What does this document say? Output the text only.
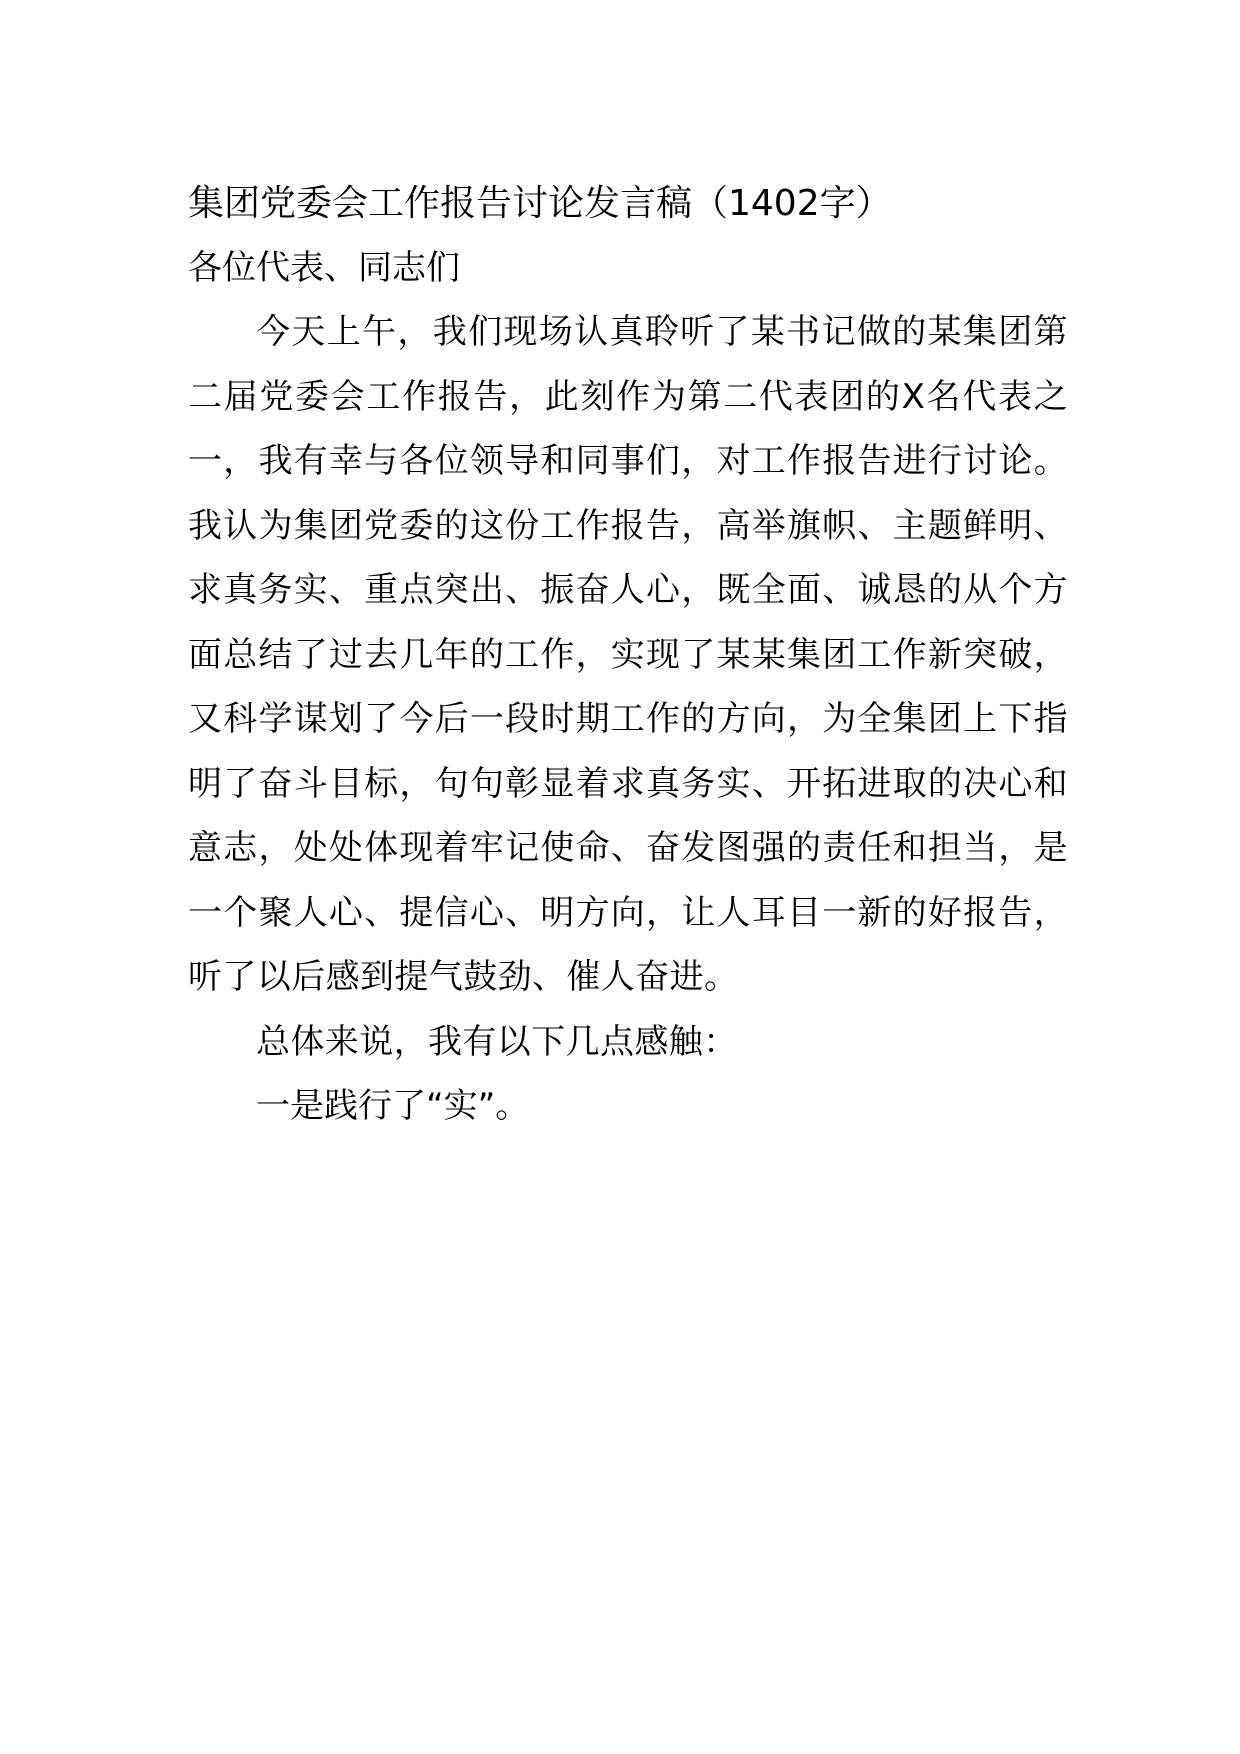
集团党委会工作报告讨论发言稿（1402字）

各位代表、同志们

今天上午，我们现场认真聆听了某书记做的某集团第二届党委会工作报告，此刻作为第二代表团的X名代表之一，我有幸与各位领导和同事们，对工作报告进行讨论。我认为集团党委的这份工作报告，高举旗帜、主题鲜明、求真务实、重点突出、振奋人心，既全面、诚恳的从个方面总结了过去几年的工作，实现了某某集团工作新突破，又科学谋划了今后一段时期工作的方向，为全集团上下指明了奋斗目标，句句彰显着求真务实、开拓进取的决心和意志，处处体现着牢记使命、奋发图强的责任和担当，是一个聚人心、提信心、明方向，让人耳目一新的好报告，听了以后感到提气鼓劲、催人奋进。

总体来说，我有以下几点感触：

一是践行了“实”。
